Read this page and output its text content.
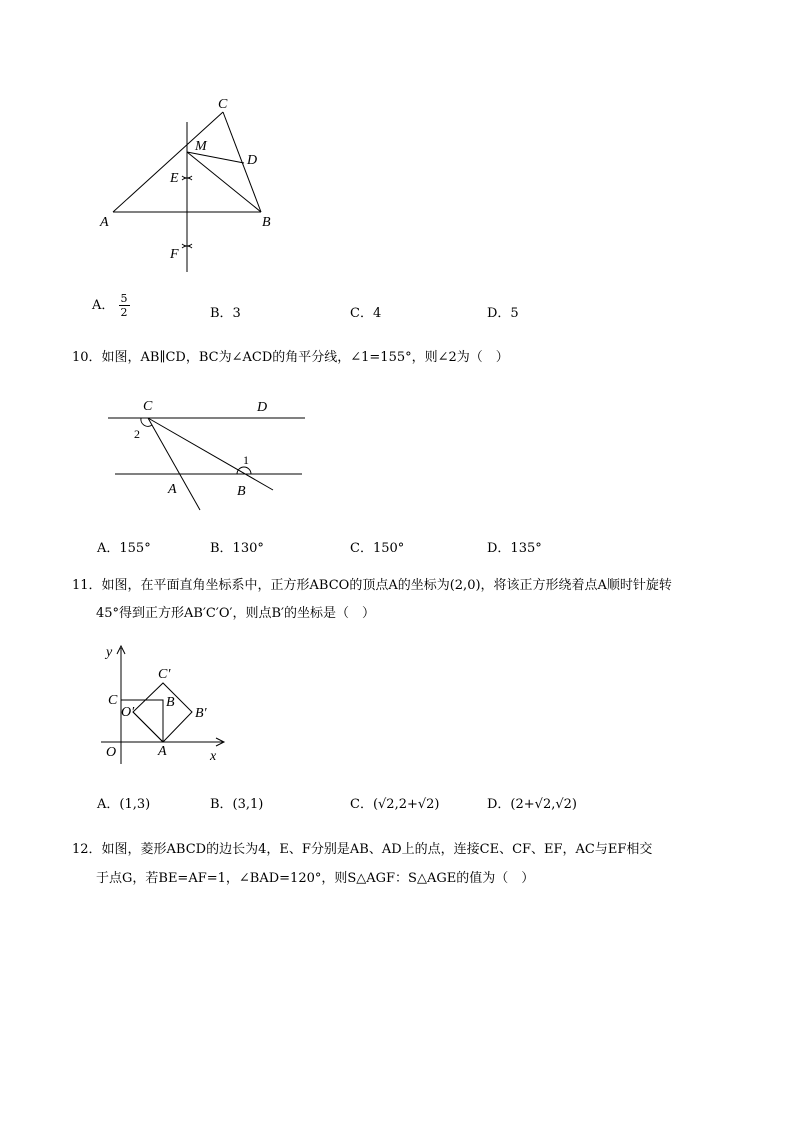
C
M
D
E
A	B
F
A． $\frac{5}{2}$	B．3	C．4	D．5
10．如图，AB∥CD，BC为∠ACD的角平分线，∠1=155°，则∠2为（　）
C	D
2
1
A	B
A．155°	B．130°	C．150°	D．135°
11．如图，在平面直角坐标系中，正方形ABCO的顶点A的坐标为(2,0)，将该正方形绕着点A顺时针旋转
45°得到正方形AB′C′O′，则点B′的坐标是（　）
y
C′
C
O′
B
B′
O	A	x
A．(1,3)	B．(3,1)	C．(√2,2+√2)	D．(2+√2,√2)
12．如图，菱形ABCD的边长为4，E、F分别是AB、AD上的点，连接CE、CF、EF，AC与EF相交
于点G，若BE=AF=1，∠BAD=120°，则S△AGF：S△AGE的值为（　）
